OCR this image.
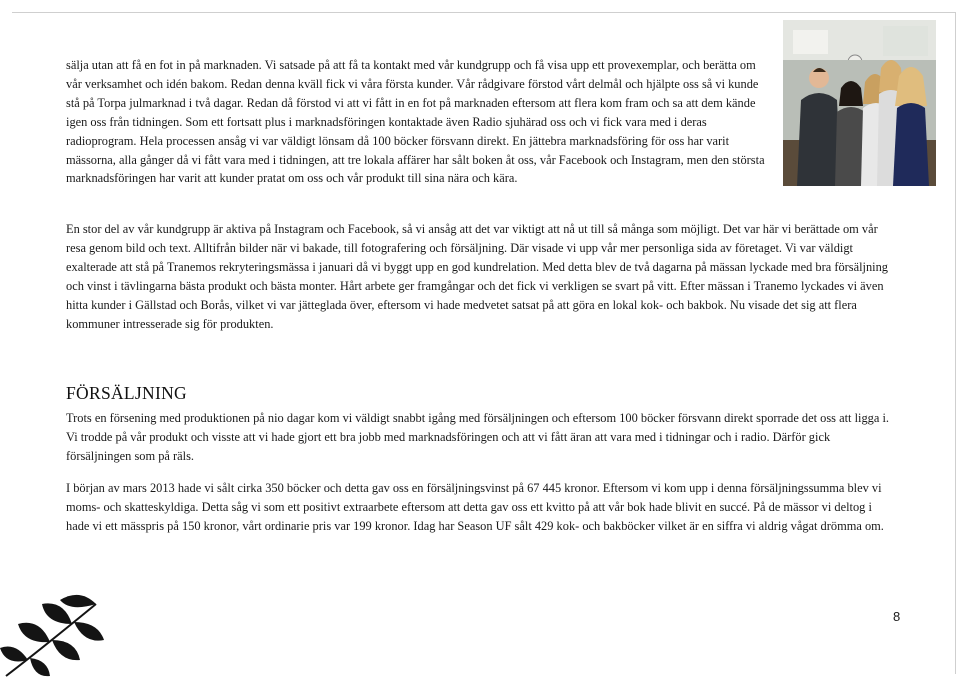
sälja utan att få en fot in på marknaden. Vi satsade på att få ta kontakt med vår kundgrupp och få visa upp ett provexemplar, och berätta om vår verksamhet och idén bakom. Redan denna kväll fick vi våra första kunder. Vår rådgivare förstod vårt delmål och hjälpte oss så vi kunde stå på Torpa julmarknad i två dagar. Redan då förstod vi att vi fått in en fot på marknaden eftersom att flera kom fram och sa att dem kände igen oss från tidningen. Som ett fortsatt plus i marknadsföringen kontaktade även Radio sjuhärad oss och vi fick vara med i deras radioprogram. Hela processen ansåg vi var väldigt lönsam då 100 böcker försvann direkt. En jättebra marknadsföring för oss har varit mässorna, alla gånger då vi fått vara med i tidningen, att tre lokala affärer har sålt boken åt oss, vår Facebook och Instagram, men den största marknadsföringen har varit att kunder pratat om oss och vår produkt till sina nära och kära.

En stor del av vår kundgrupp är aktiva på Instagram och Facebook, så vi ansåg att det var viktigt att nå ut till så många som möjligt. Det var här vi berättade om vår resa genom bild och text. Alltifrån bilder när vi bakade, till fotografering och försäljning. Där visade vi upp vår mer personliga sida av företaget. Vi var väldigt exalterade att stå på Tranemos rekryteringsmässa i januari då vi byggt upp en god kundrelation. Med detta blev de två dagarna på mässan lyckade med bra försäljning och vinst i tävlingarna bästa produkt och bästa monter. Hårt arbete ger framgångar och det fick vi verkligen se svart på vitt. Efter mässan i Tranemo lyckades vi även hitta kunder i Gällstad och Borås, vilket vi var jätteglada över, eftersom vi hade medvetet satsat på att göra en lokal kok- och bakbok. Nu visade det sig att flera kommuner intresserade sig för produkten.

FÖRSÄLJNING

Trots en försening med produktionen på nio dagar kom vi väldigt snabbt igång med försäljningen och eftersom 100 böcker försvann direkt sporrade det oss att ligga i. Vi trodde på vår produkt och visste att vi hade gjort ett bra jobb med marknadsföringen och att vi fått äran att vara med i tidningar och i radio. Därför gick försäljningen som på räls.

I början av mars 2013 hade vi sålt cirka 350 böcker och detta gav oss en försäljningsvinst på 67 445 kronor. Eftersom vi kom upp i denna försäljningssumma blev vi moms- och skatteskyldiga. Detta såg vi som ett positivt extraarbete eftersom att detta gav oss ett kvitto på att vår bok hade blivit en succé. På de mässor vi deltog i hade vi ett mässpris på 150 kronor, vårt ordinarie pris var 199 kronor. Idag har Season UF sålt 429 kok- och bakböcker vilket är en siffra vi aldrig vågat drömma om.

8
